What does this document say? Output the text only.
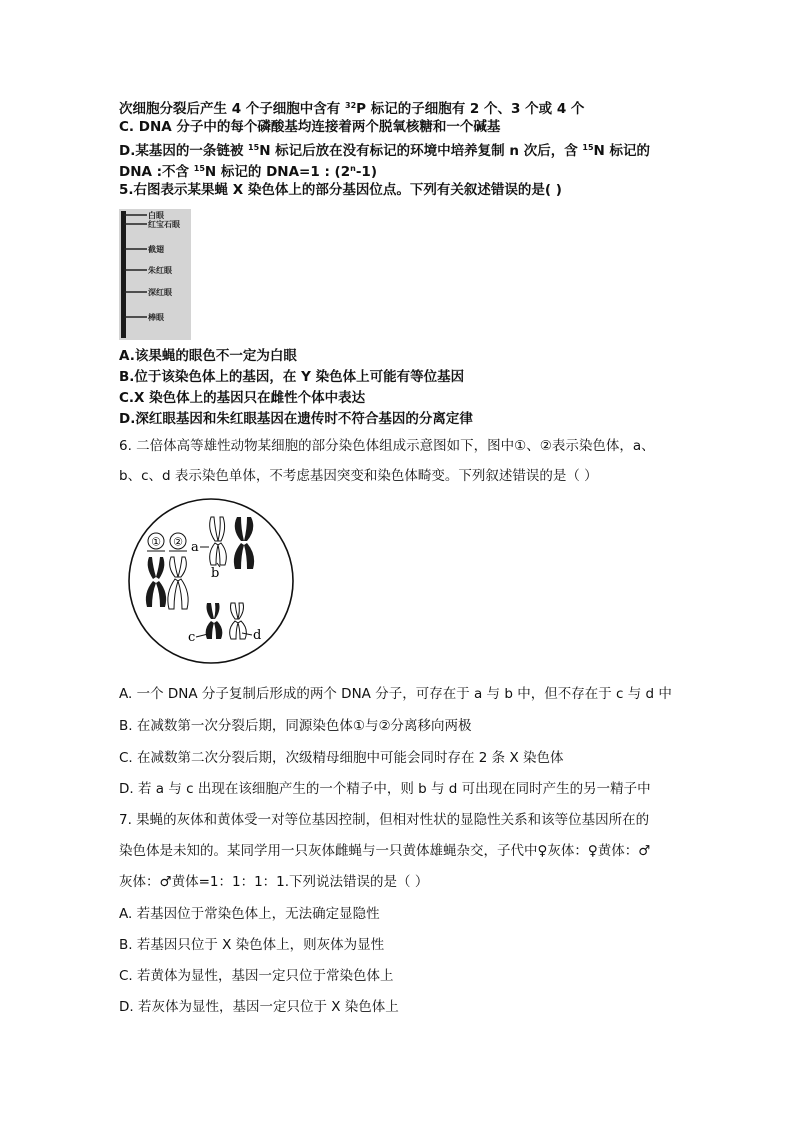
次细胞分裂后产生 4 个子细胞中含有 $^{32}$P 标记的子细胞有 2 个、3 个或 4 个
C. DNA 分子中的每个磷酸基均连接着两个脱氧核糖和一个碱基
D.某基因的一条链被 $^{15}$N 标记后放在没有标记的环境中培养复制 n 次后，含 $^{15}$N 标记的
DNA :不含 $^{15}$N 标记的 DNA=1 : (2$^n$-1)
5.右图表示某果蝇 X 染色体上的部分基因位点。下列有关叙述错误的是( )
白眼
红宝石眼
截翅
朱红眼
深红眼
棒眼
A.该果蝇的眼色不一定为白眼
B.位于该染色体上的基因，在 Y 染色体上可能有等位基因
C.X 染色体上的基因只在雌性个体中表达
D.深红眼基因和朱红眼基因在遗传时不符合基因的分离定律
6. 二倍体高等雄性动物某细胞的部分染色体组成示意图如下，图中①、②表示染色体，a、
b、c、d 表示染色单体，不考虑基因突变和染色体畸变。下列叙述错误的是（ ）
① ② a
b
c	d
A. 一个 DNA 分子复制后形成的两个 DNA 分子，可存在于 a 与 b 中，但不存在于 c 与 d 中
B. 在减数第一次分裂后期，同源染色体①与②分离移向两极
C. 在减数第二次分裂后期，次级精母细胞中可能会同时存在 2 条 X 染色体
D. 若 a 与 c 出现在该细胞产生的一个精子中，则 b 与 d 可出现在同时产生的另一精子中
7. 果蝇的灰体和黄体受一对等位基因控制，但相对性状的显隐性关系和该等位基因所在的
染色体是未知的。某同学用一只灰体雌蝇与一只黄体雄蝇杂交，子代中♀灰体：♀黄体：♂
灰体：♂黄体=1：1：1：1.下列说法错误的是（ ）
A. 若基因位于常染色体上，无法确定显隐性
B. 若基因只位于 X 染色体上，则灰体为显性
C. 若黄体为显性，基因一定只位于常染色体上
D. 若灰体为显性，基因一定只位于 X 染色体上
